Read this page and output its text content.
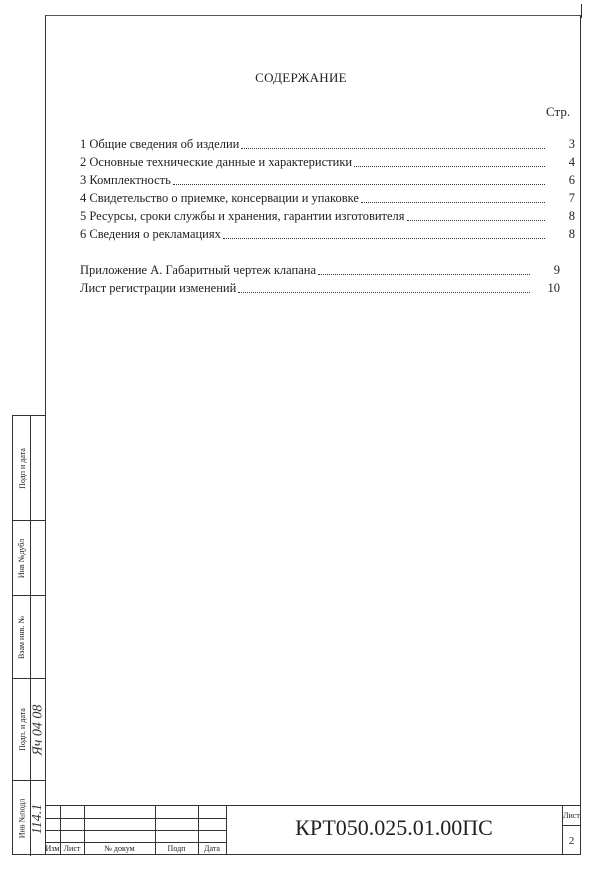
СОДЕРЖАНИЕ
Стр.
1 Общие сведения об изделии	3
2 Основные технические данные и характеристики	4
3 Комплектность	6
4 Свидетельство о приемке, консервации и упаковке	7
5 Ресурсы, сроки службы и хранения, гарантии изготовителя	8
6 Сведения о рекламациях	8
Приложение А. Габаритный чертеж клапана	9
Лист регистрации изменений	10
Подп и дата
Инв №дубл
Взам инв. №
Подп. и дата Яч 04 08
Инв №подл 114.1
Изм Лист	№ докум	Подп	Дата
КРТ050.025.01.00ПС	Лист
2
